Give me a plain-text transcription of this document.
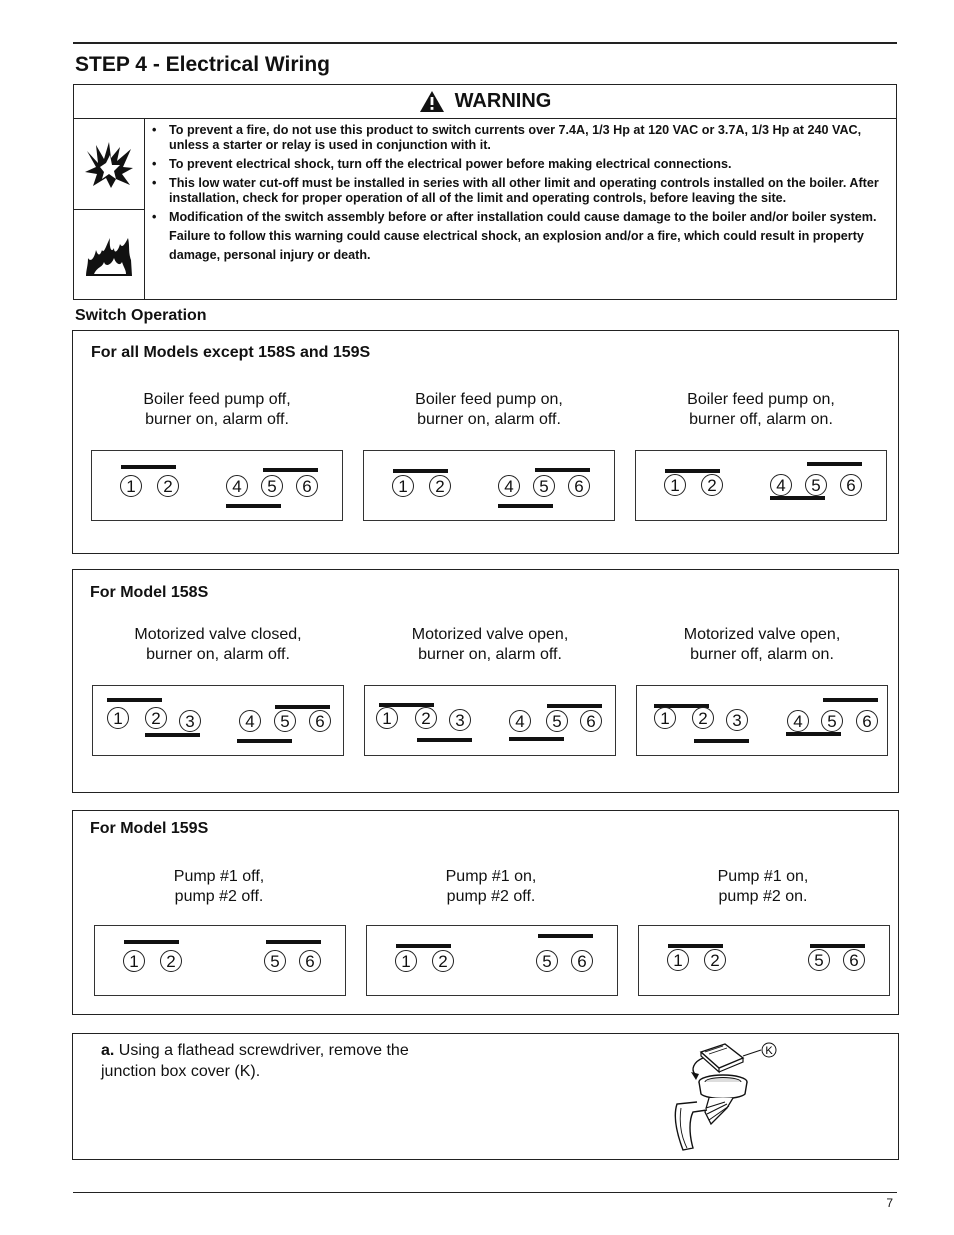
STEP 4 - Electrical Wiring
WARNING
• To prevent a fire, do not use this product to switch currents over 7.4A, 1/3 Hp at 120 VAC or 3.7A, 1/3 Hp at 240 VAC, unless a starter or relay is used in conjunction with it.
• To prevent electrical shock, turn off the electrical power before making electrical connections.
• This low water cut-off must be installed in series with all other limit and operating controls installed on the boiler. After installation, check for proper operation of all of the limit and operating controls, before leaving the site.
• Modification of the switch assembly before or after installation could cause damage to the boiler and/or boiler system.
Failure to follow this warning could cause electrical shock, an explosion and/or a fire, which could result in property damage, personal injury or death.
Switch Operation
For all Models except 158S and 159S
Boiler feed pump off,
burner on, alarm off.
1	2	4	5	6
Boiler feed pump on,
burner on, alarm off.
1	2	4	5	6
Boiler feed pump on,
burner off, alarm on.
1	2	4	5	6
For Model 158S
Motorized valve closed,
burner on, alarm off.
1	2	3	4	5	6
Motorized valve open,
burner on, alarm off.
1	2	3	4	5	6
Motorized valve open,
burner off, alarm on.
1	2	3	4	5	6
For Model 159S
Pump #1 off,
pump #2 off.
1	2	5	6
Pump #1 on,
pump #2 off.
1	2	5	6
Pump #1 on,
pump #2 on.
1	2	5	6
a. Using a flathead screwdriver, remove the junction box cover (K).
K
7
